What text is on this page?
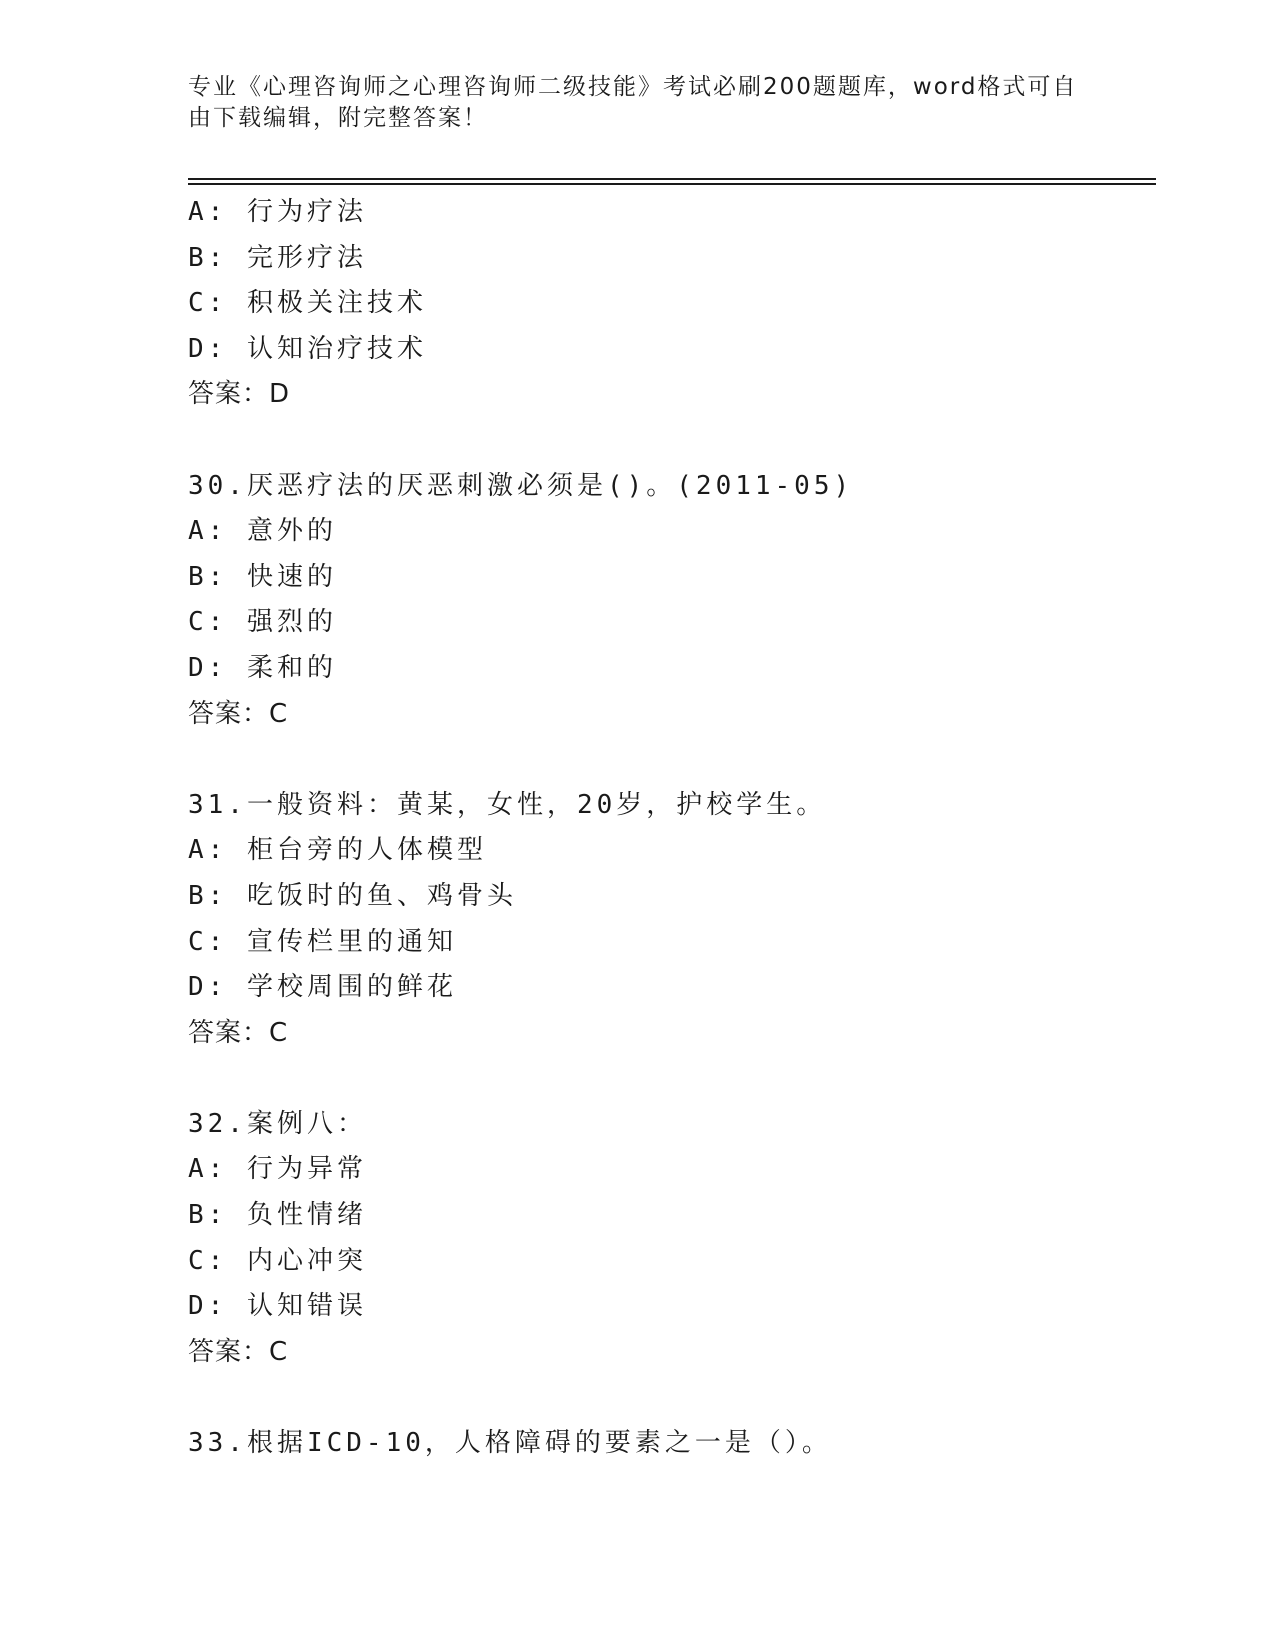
专业《心理咨询师之心理咨询师二级技能》考试必刷200题题库，word格式可自

由下载编辑，附完整答案！

A: 行为疗法
B: 完形疗法
C: 积极关注技术
D: 认知治疗技术
答案：D
30.厌恶疗法的厌恶刺激必须是()。(2011-05)
A: 意外的
B: 快速的
C: 强烈的
D: 柔和的
答案：C
31.一般资料：黄某，女性，20岁，护校学生。
A: 柜台旁的人体模型
B: 吃饭时的鱼、鸡骨头
C: 宣传栏里的通知
D: 学校周围的鲜花
答案：C
32.案例八：
A: 行为异常
B: 负性情绪
C: 内心冲突
D: 认知错误
答案：C
33.根据ICD-10，人格障碍的要素之一是（）。
